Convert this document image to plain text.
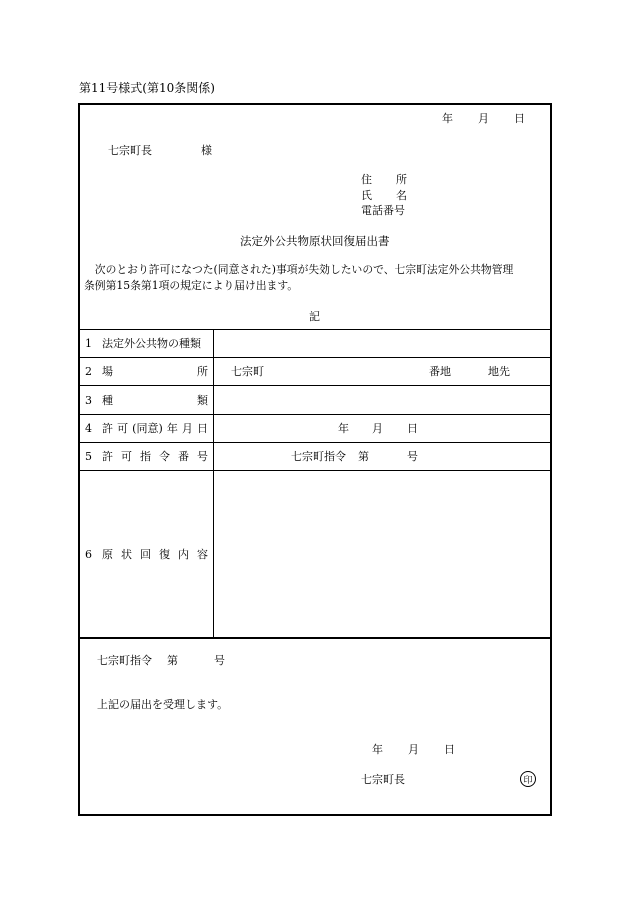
第11号様式(第10条関係)
年 月 日
七宗町長	様
住 所
氏 名
電話番号
法定外公共物原状回復届出書
　次のとおり許可になつた(同意された)事項が失効したいので、七宗町法定外公共物管理
条例第15条第1項の規定により届け出ます。
記
1 法定外公共物の種類
2 場	所 七宗町	番地	地先
3 種	類
4 許 可 (同意) 年 月 日	年 月 日
5 許 可 指 令 番 号	七宗町指令 第	号
6 原 状 回 復 内 容
七宗町指令 第	号
上記の届出を受理します。
年 月 日
七宗町長	印
